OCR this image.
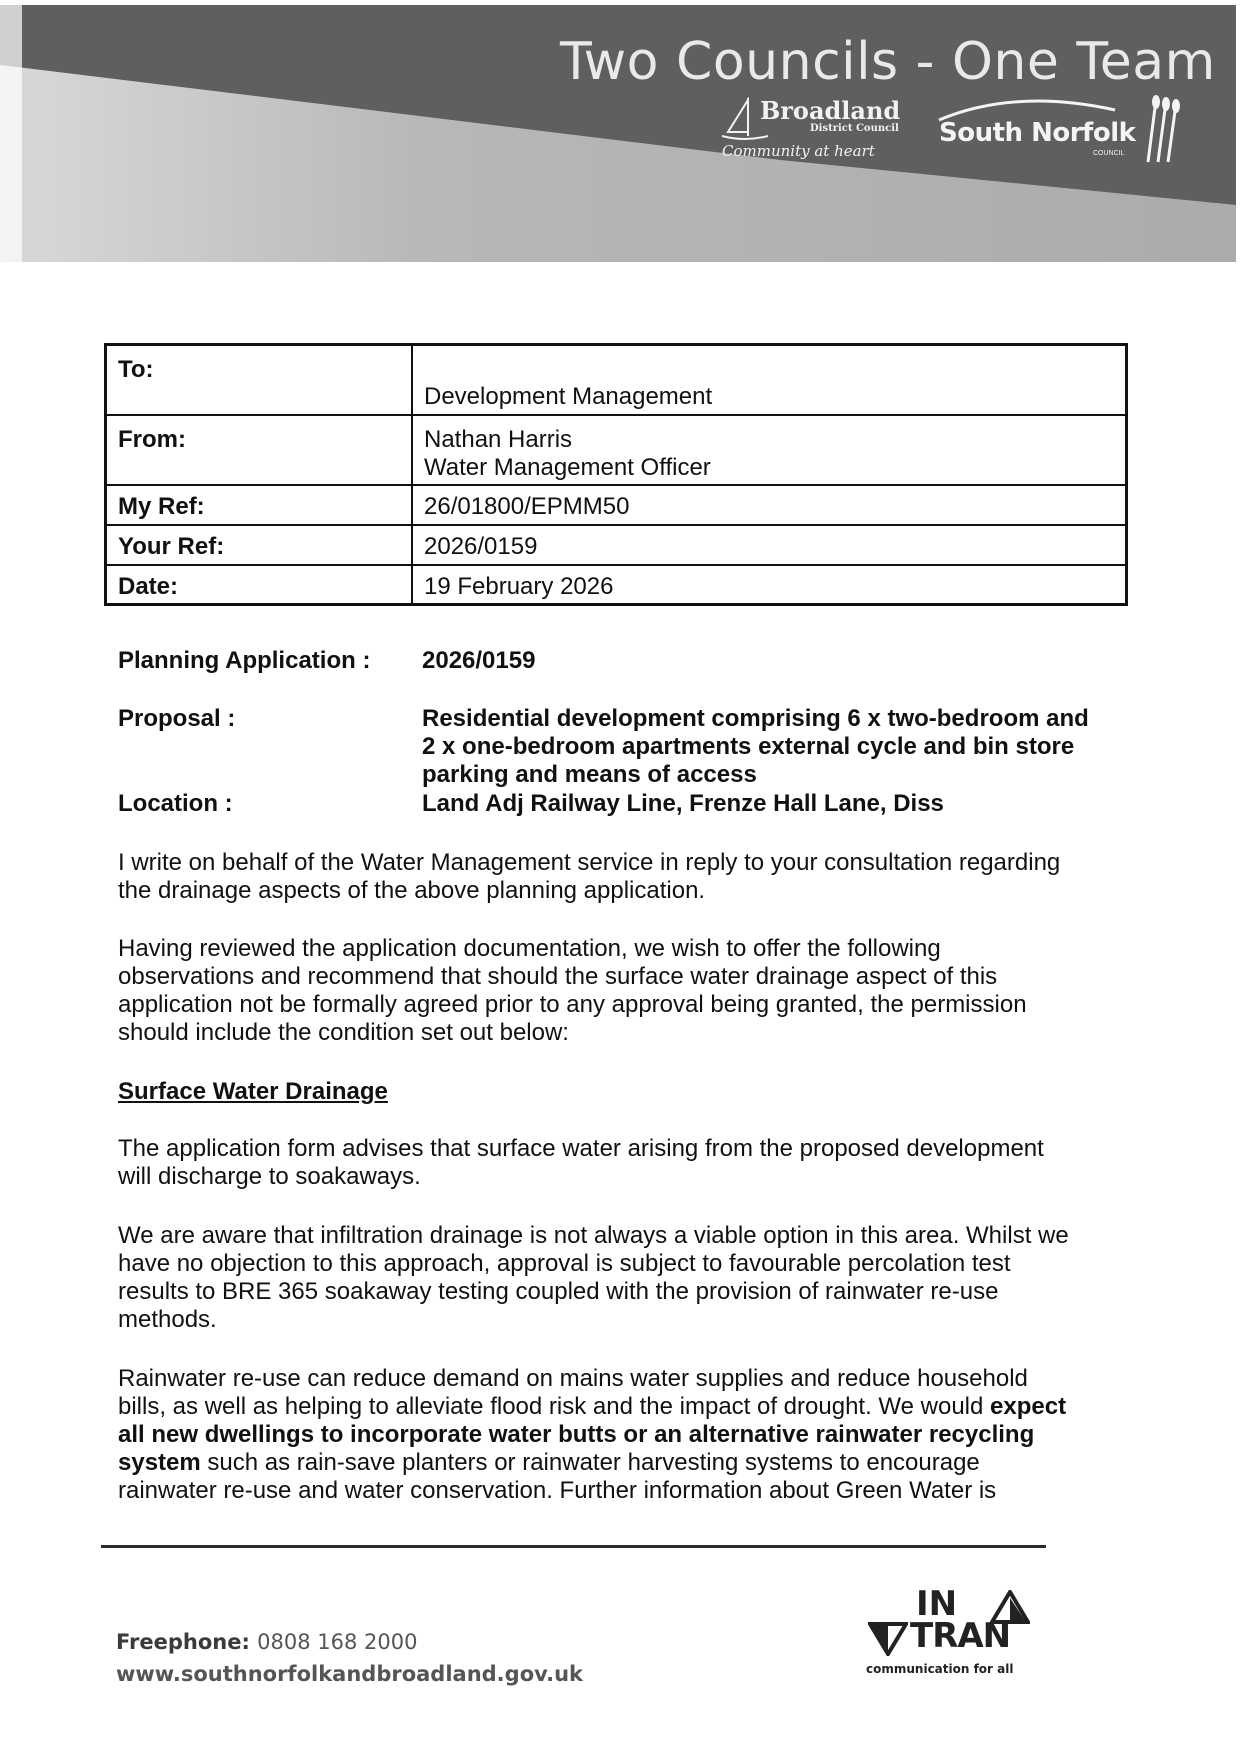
Two Councils - One Team
Broadland
District Council
Community at heart
South Norfolk
COUNCIL
To:	Development Management
From:	Nathan Harris
Water Management Officer

My Ref:	26/01800/EPMM50
Your Ref:	2026/0159
Date:	19 February 2026
Planning Application : 2026/0159
Proposal :	Residential development comprising 6 x two-bedroom and
2 x one-bedroom apartments external cycle and bin store
parking and means of access
Location :	Land Adj Railway Line, Frenze Hall Lane, Diss
I write on behalf of the Water Management service in reply to your consultation regarding
the drainage aspects of the above planning application.
Having reviewed the application documentation, we wish to offer the following
observations and recommend that should the surface water drainage aspect of this
application not be formally agreed prior to any approval being granted, the permission
should include the condition set out below:
Surface Water Drainage
The application form advises that surface water arising from the proposed development
will discharge to soakaways.
We are aware that infiltration drainage is not always a viable option in this area. Whilst we
have no objection to this approach, approval is subject to favourable percolation test
results to BRE 365 soakaway testing coupled with the provision of rainwater re-use
methods.
Rainwater re-use can reduce demand on mains water supplies and reduce household
bills, as well as helping to alleviate flood risk and the impact of drought. We would expect
all new dwellings to incorporate water butts or an alternative rainwater recycling
system such as rain-save planters or rainwater harvesting systems to encourage
rainwater re-use and water conservation. Further information about Green Water is
Freephone: 0808 168 2000
www.southnorfolkandbroadland.gov.uk
IN
TRAN
communication for all
